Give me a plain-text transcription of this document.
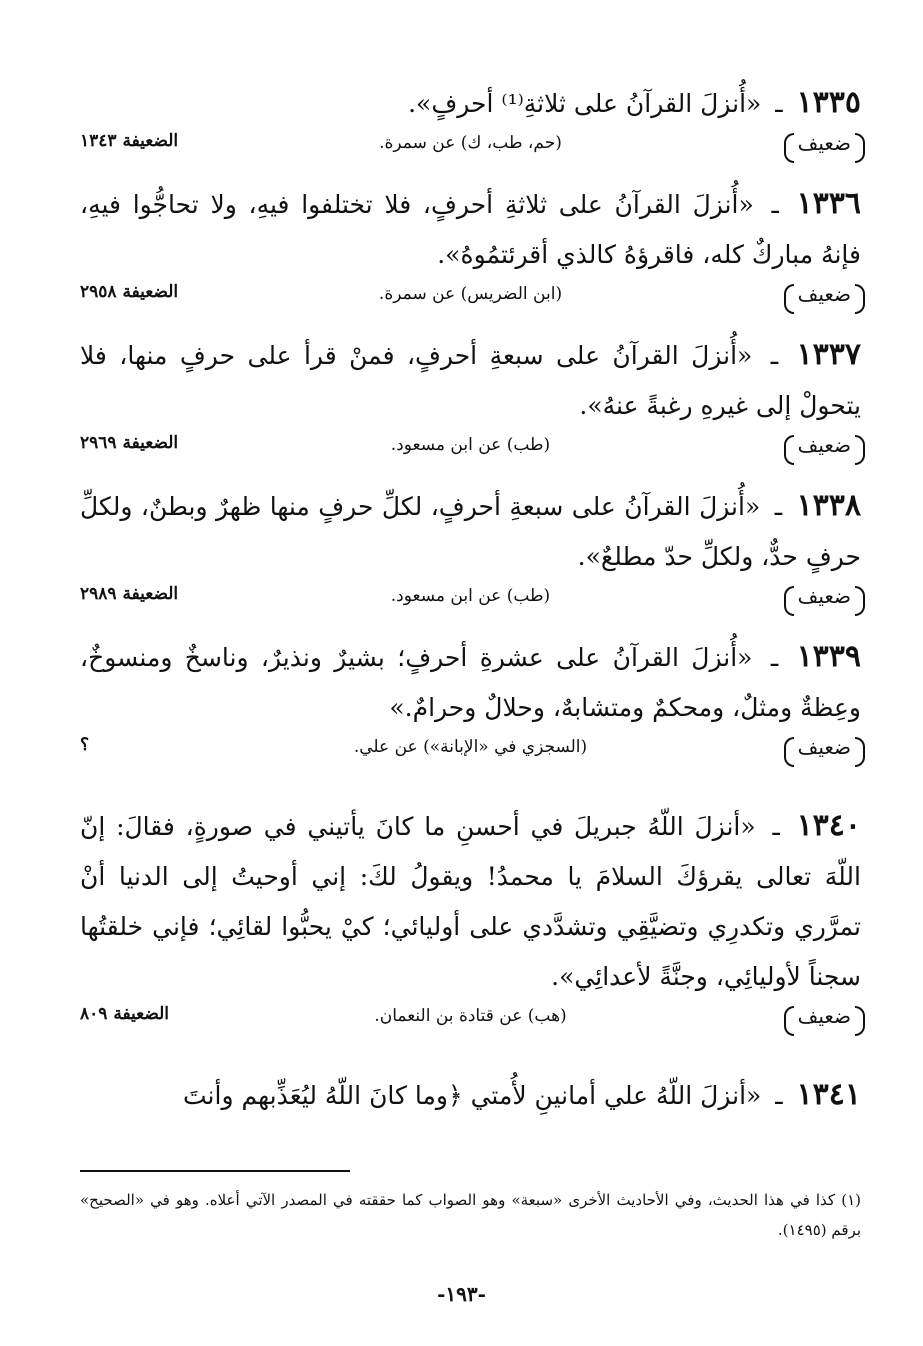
١٣٣٥ ـ «أُنزلَ القرآنُ على ثلاثةِ⁽¹⁾ أحرفٍ».

ضعيف
(حم، طب، ك) عن سمرة.
الضعيفة ١٣٤٣

١٣٣٦ ـ «أُنزلَ القرآنُ على ثلاثةِ أحرفٍ، فلا تختلفوا فيهِ، ولا تحاجُّوا فيهِ، فإنهُ مباركٌ كله، فاقرؤهُ كالذي أقرئتمُوهُ».

ضعيف
(ابن الضريس) عن سمرة.
الضعيفة ٢٩٥٨

١٣٣٧ ـ «أُنزلَ القرآنُ على سبعةِ أحرفٍ، فمنْ قرأ على حرفٍ منها، فلا يتحولْ إلى غيرهِ رغبةً عنهُ».

ضعيف
(طب) عن ابن مسعود.
الضعيفة ٢٩٦٩

١٣٣٨ ـ «أُنزلَ القرآنُ على سبعةِ أحرفٍ، لكلِّ حرفٍ منها ظهرٌ وبطنٌ، ولكلِّ حرفٍ حدٌّ، ولكلِّ حدّ مطلعٌ».

ضعيف
(طب) عن ابن مسعود.
الضعيفة ٢٩٨٩

١٣٣٩ ـ «أُنزلَ القرآنُ على عشرةِ أحرفٍ؛ بشيرٌ ونذيرٌ، وناسخٌ ومنسوخٌ، وعِظةٌ ومثلٌ، ومحكمٌ ومتشابهٌ، وحلالٌ وحرامٌ.»

ضعيف
(السجزي في «الإبانة») عن علي.
؟

١٣٤٠ ـ «أنزلَ اللّهُ جبريلَ في أحسنِ ما كانَ يأتيني في صورةٍ، فقالَ: إنّ اللّهَ تعالى يقرؤكَ السلامَ يا محمدُ! ويقولُ لكَ: إني أوحيتُ إلى الدنيا أنْ تمرَّري وتكدرِي وتضيَّقِي وتشدَّدي على أوليائي؛ كيْ يحبُّوا لقائِي؛ فإني خلقتُها سجناً لأوليائِي، وجنَّةً لأعدائِي».

ضعيف
(هب) عن قتادة بن النعمان.
الضعيفة ٨٠٩

١٣٤١ ـ «أنزلَ اللّهُ علي أمانينِ لأُمتي ﴿وما كانَ اللّهُ ليُعَذِّبهم وأنتَ

(١) كذا في هذا الحديث، وفي الأحاديث الأخرى «سبعة» وهو الصواب كما حققته في المصدر الآتي أعلاه. وهو في «الصحيح» برقم (١٤٩٥).
-١٩٣-
